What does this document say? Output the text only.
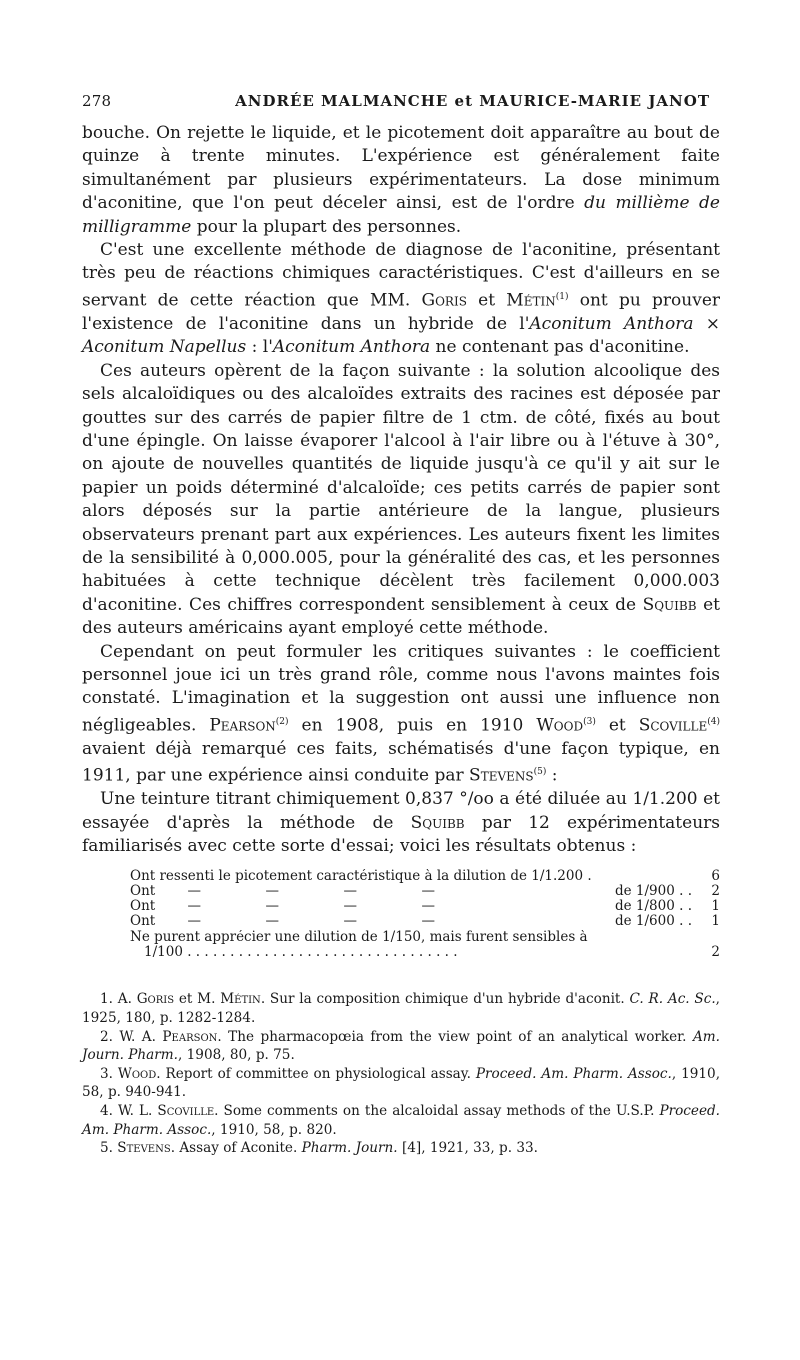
278	ANDRÉE MALMANCHE et MAURICE-MARIE JANOT

bouche. On rejette le liquide, et le picotement doit apparaître au bout de quinze à trente minutes. L'expérience est généralement faite simultanément par plusieurs expérimentateurs. La dose minimum d'aconitine, que l'on peut déceler ainsi, est de l'ordre du millième de milligramme pour la plupart des personnes.

C'est une excellente méthode de diagnose de l'aconitine, présentant très peu de réactions chimiques caractéristiques. C'est d'ailleurs en se servant de cette réaction que MM. Goris et Métin$^{(1)}$ ont pu prouver l'existence de l'aconitine dans un hybride de l'Aconitum Anthora × Aconitum Napellus : l'Aconitum Anthora ne contenant pas d'aconitine.

Ces auteurs opèrent de la façon suivante : la solution alcoolique des sels alcaloïdiques ou des alcaloïdes extraits des racines est déposée par gouttes sur des carrés de papier filtre de 1 ctm. de côté, fixés au bout d'une épingle. On laisse évaporer l'alcool à l'air libre ou à l'étuve à 30°, on ajoute de nouvelles quantités de liquide jusqu'à ce qu'il y ait sur le papier un poids déterminé d'alcaloïde; ces petits carrés de papier sont alors déposés sur la partie antérieure de la langue, plusieurs observateurs prenant part aux expériences. Les auteurs fixent les limites de la sensibilité à 0,000.005, pour la généralité des cas, et les personnes habituées à cette technique décèlent très facilement 0,000.003 d'aconitine. Ces chiffres correspondent sensiblement à ceux de Squibb et des auteurs américains ayant employé cette méthode.

Cependant on peut formuler les critiques suivantes : le coefficient personnel joue ici un très grand rôle, comme nous l'avons maintes fois constaté. L'imagination et la suggestion ont aussi une influence non négligeables. Pearson$^{(2)}$ en 1908, puis en 1910 Wood$^{(3)}$ et Scoville$^{(4)}$ avaient déjà remarqué ces faits, schématisés d'une façon typique, en 1911, par une expérience ainsi conduite par Stevens$^{(5)}$ :

Une teinture titrant chimiquement 0,837 °/oo a été diluée au 1/1.200 et essayée d'après la méthode de Squibb par 12 expérimentateurs familiarisés avec cette sorte d'essai; voici les résultats obtenus :

Ont ressenti le picotement caractéristique à la dilution de 1/1.200 .	6
Ont	—	—	—	—	de 1/900 . .	2
Ont	—	—	—	—	de 1/800 . .	1
Ont	—	—	—	—	de 1/600 . .	1
Ne purent apprécier une dilution de 1/150, mais furent sensibles à
1/100 . . . . . . . . . . . . . . . . . . . . . . . . . . . . . . . .	2

1. A. Goris et M. Métin. Sur la composition chimique d'un hybride d'aconit. C. R. Ac. Sc., 1925, 180, p. 1282-1284.

2. W. A. Pearson. The pharmacopœia from the view point of an analytical worker. Am. Journ. Pharm., 1908, 80, p. 75.

3. Wood. Report of committee on physiological assay. Proceed. Am. Pharm. Assoc., 1910, 58, p. 940-941.

4. W. L. Scoville. Some comments on the alcaloidal assay methods of the U.S.P. Proceed. Am. Pharm. Assoc., 1910, 58, p. 820.

5. Stevens. Assay of Aconite. Pharm. Journ. [4], 1921, 33, p. 33.
